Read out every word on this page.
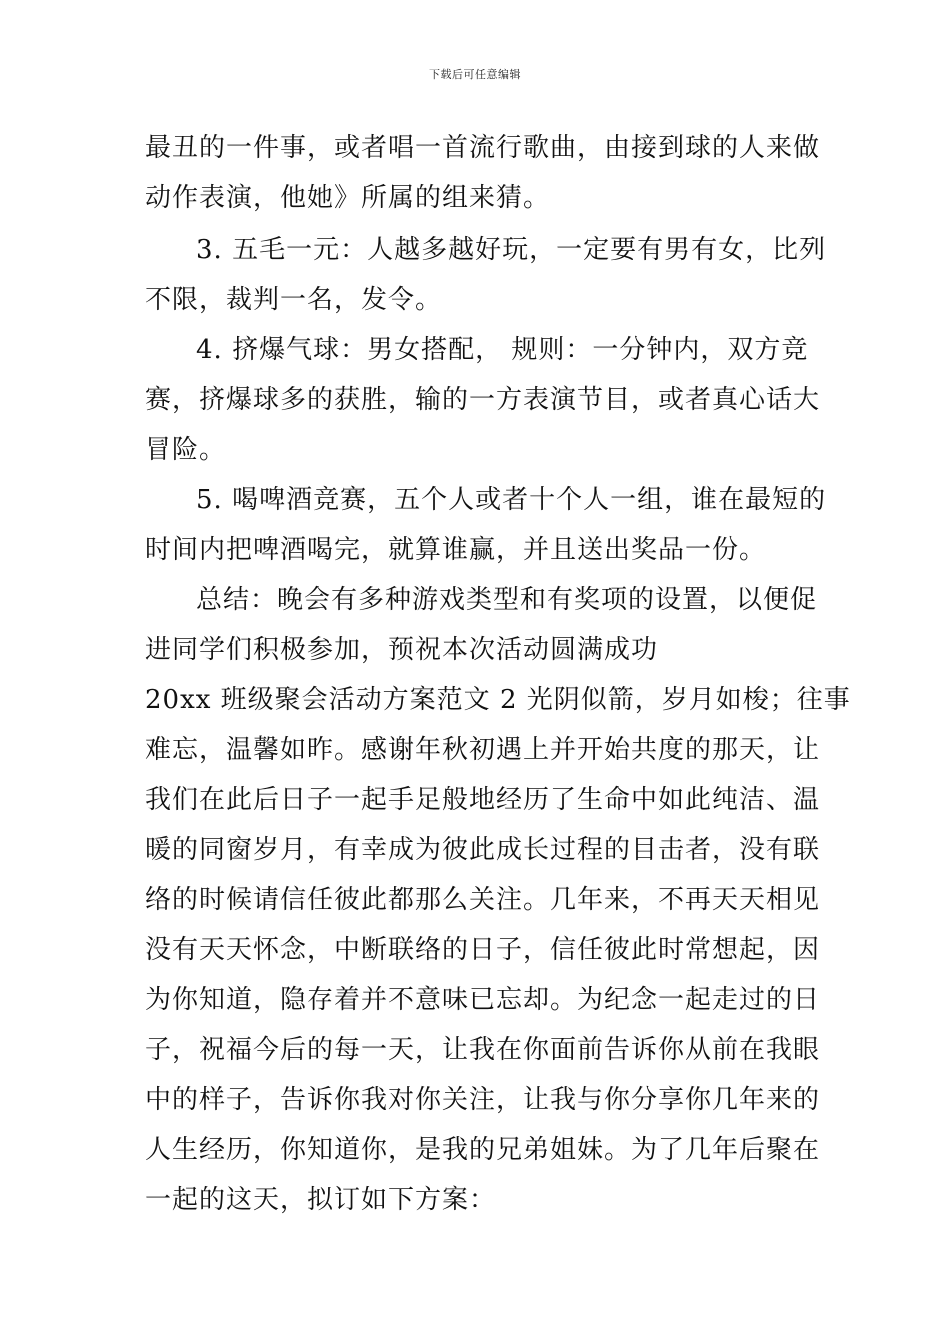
下载后可任意编辑
最丑的一件事，或者唱一首流行歌曲，由接到球的人来做
动作表演，他她》所属的组来猜。
3. 五毛一元：人越多越好玩，一定要有男有女，比列
不限，裁判一名，发令。
4. 挤爆气球：男女搭配， 规则：一分钟内，双方竞
赛，挤爆球多的获胜，输的一方表演节目，或者真心话大
冒险。
5. 喝啤酒竞赛，五个人或者十个人一组，谁在最短的
时间内把啤酒喝完，就算谁赢，并且送出奖品一份。
总结：晚会有多种游戏类型和有奖项的设置，以便促
进同学们积极参加，预祝本次活动圆满成功
20xx 班级聚会活动方案范文 2 光阴似箭，岁月如梭；往事
难忘，温馨如昨。感谢年秋初遇上并开始共度的那天，让
我们在此后日子一起手足般地经历了生命中如此纯洁、温
暖的同窗岁月，有幸成为彼此成长过程的目击者，没有联
络的时候请信任彼此都那么关注。几年来，不再天天相见
没有天天怀念，中断联络的日子，信任彼此时常想起，因
为你知道，隐存着并不意味已忘却。为纪念一起走过的日
子，祝福今后的每一天，让我在你面前告诉你从前在我眼
中的样子，告诉你我对你关注，让我与你分享你几年来的
人生经历，你知道你，是我的兄弟姐妹。为了几年后聚在
一起的这天，拟订如下方案：
